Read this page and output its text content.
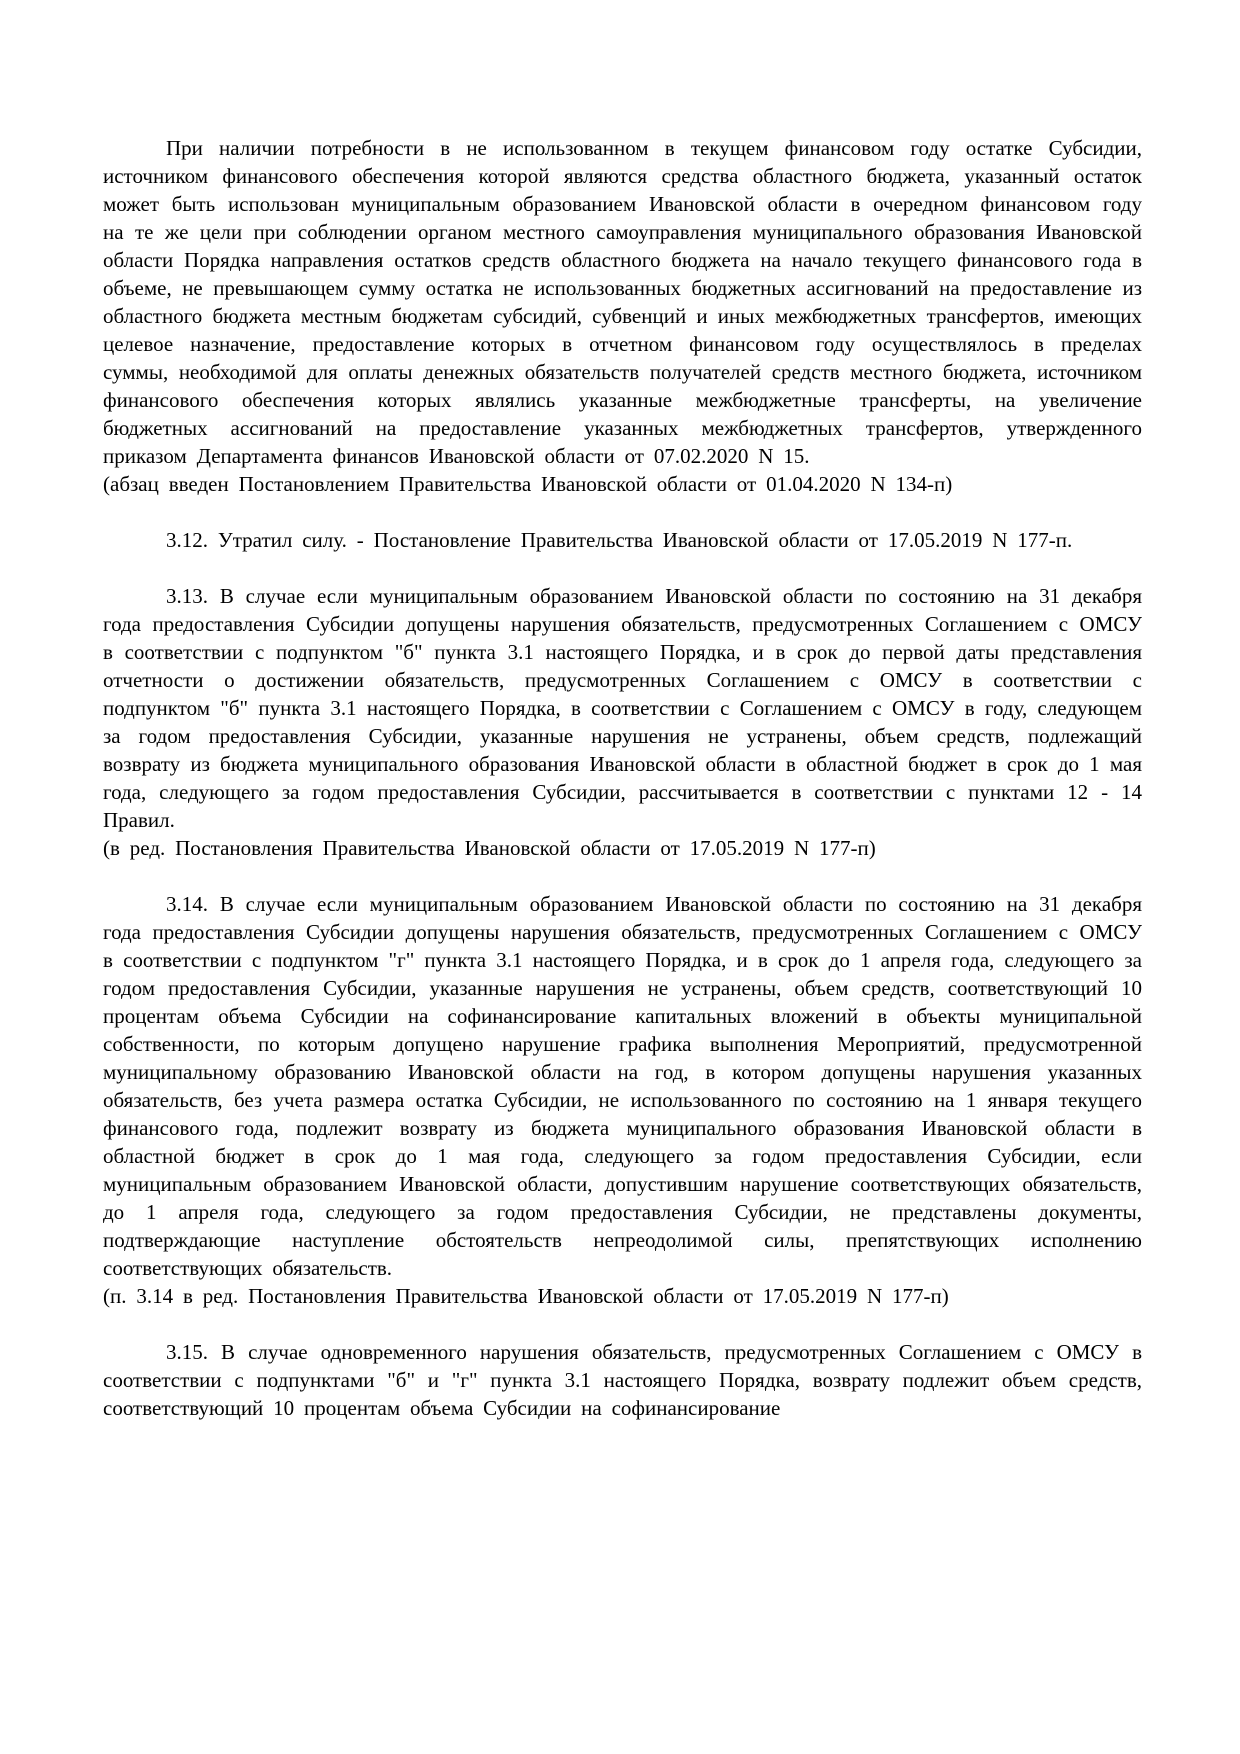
При наличии потребности в не использованном в текущем финансовом году остатке Субсидии, источником финансового обеспечения которой являются средства областного бюджета, указанный остаток может быть использован муниципальным образованием Ивановской области в очередном финансовом году на те же цели при соблюдении органом местного самоуправления муниципального образования Ивановской области Порядка направления остатков средств областного бюджета на начало текущего финансового года в объеме, не превышающем сумму остатка не использованных бюджетных ассигнований на предоставление из областного бюджета местным бюджетам субсидий, субвенций и иных межбюджетных трансфертов, имеющих целевое назначение, предоставление которых в отчетном финансовом году осуществлялось в пределах суммы, необходимой для оплаты денежных обязательств получателей средств местного бюджета, источником финансового обеспечения которых являлись указанные межбюджетные трансферты, на увеличение бюджетных ассигнований на предоставление указанных межбюджетных трансфертов, утвержденного приказом Департамента финансов Ивановской области от 07.02.2020 N 15.

(абзац введен Постановлением Правительства Ивановской области от 01.04.2020 N 134-п)

3.12. Утратил силу. - Постановление Правительства Ивановской области от 17.05.2019 N 177-п.

3.13. В случае если муниципальным образованием Ивановской области по состоянию на 31 декабря года предоставления Субсидии допущены нарушения обязательств, предусмотренных Соглашением с ОМСУ в соответствии с подпунктом "б" пункта 3.1 настоящего Порядка, и в срок до первой даты представления отчетности о достижении обязательств, предусмотренных Соглашением с ОМСУ в соответствии с подпунктом "б" пункта 3.1 настоящего Порядка, в соответствии с Соглашением с ОМСУ в году, следующем за годом предоставления Субсидии, указанные нарушения не устранены, объем средств, подлежащий возврату из бюджета муниципального образования Ивановской области в областной бюджет в срок до 1 мая года, следующего за годом предоставления Субсидии, рассчитывается в соответствии с пунктами 12 - 14 Правил.

(в ред. Постановления Правительства Ивановской области от 17.05.2019 N 177-п)

3.14. В случае если муниципальным образованием Ивановской области по состоянию на 31 декабря года предоставления Субсидии допущены нарушения обязательств, предусмотренных Соглашением с ОМСУ в соответствии с подпунктом "г" пункта 3.1 настоящего Порядка, и в срок до 1 апреля года, следующего за годом предоставления Субсидии, указанные нарушения не устранены, объем средств, соответствующий 10 процентам объема Субсидии на софинансирование капитальных вложений в объекты муниципальной собственности, по которым допущено нарушение графика выполнения Мероприятий, предусмотренной муниципальному образованию Ивановской области на год, в котором допущены нарушения указанных обязательств, без учета размера остатка Субсидии, не использованного по состоянию на 1 января текущего финансового года, подлежит возврату из бюджета муниципального образования Ивановской области в областной бюджет в срок до 1 мая года, следующего за годом предоставления Субсидии, если муниципальным образованием Ивановской области, допустившим нарушение соответствующих обязательств, до 1 апреля года, следующего за годом предоставления Субсидии, не представлены документы, подтверждающие наступление обстоятельств непреодолимой силы, препятствующих исполнению соответствующих обязательств.

(п. 3.14 в ред. Постановления Правительства Ивановской области от 17.05.2019 N 177-п)

3.15. В случае одновременного нарушения обязательств, предусмотренных Соглашением с ОМСУ в соответствии с подпунктами "б" и "г" пункта 3.1 настоящего Порядка, возврату подлежит объем средств, соответствующий 10 процентам объема Субсидии на софинансирование
